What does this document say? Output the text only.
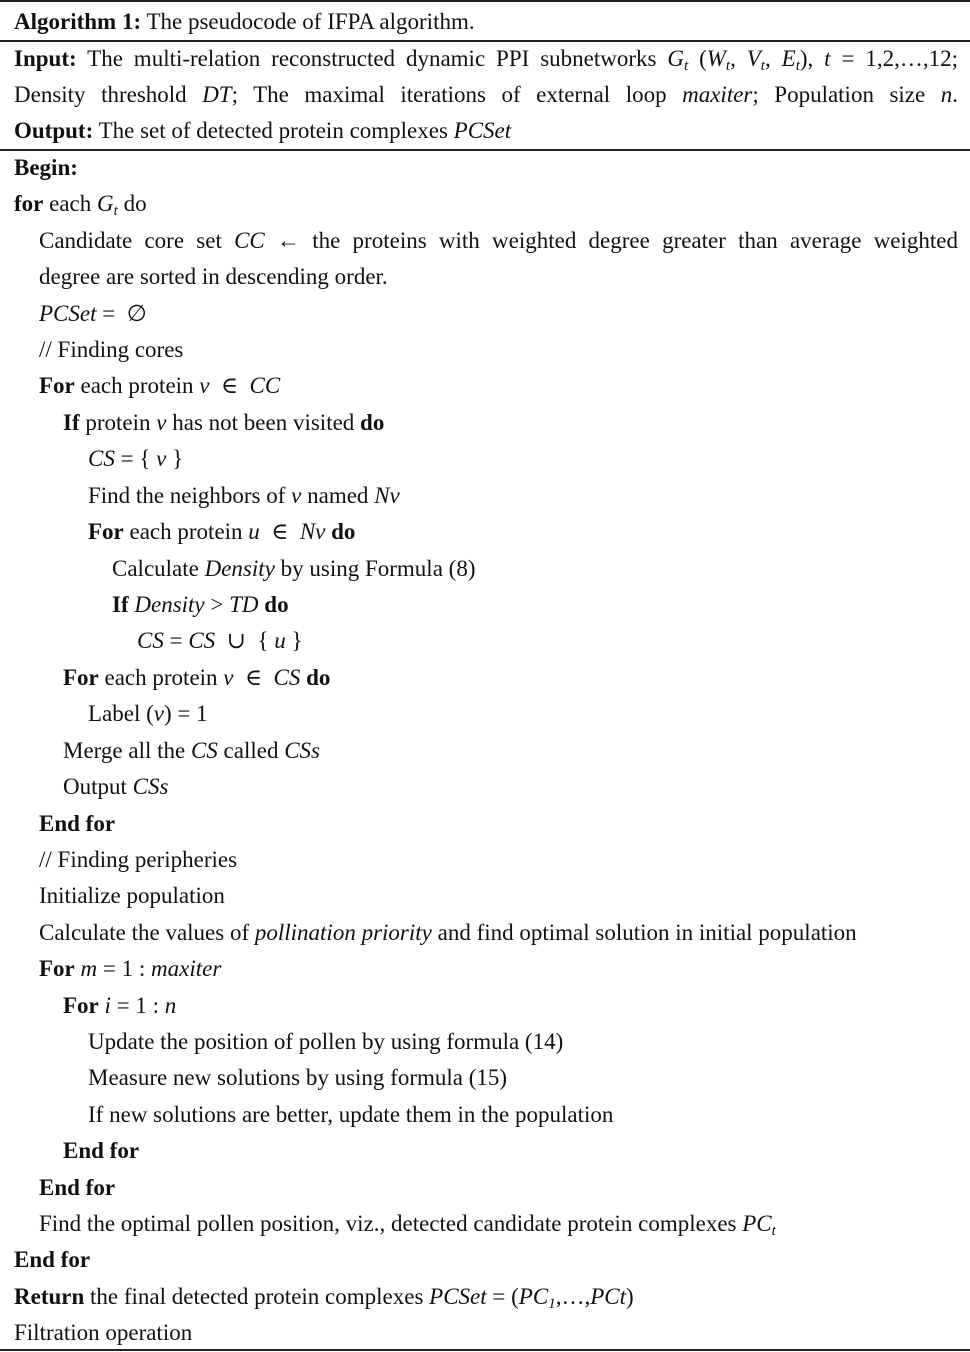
Algorithm 1: The pseudocode of IFPA algorithm.
Input: The multi-relation reconstructed dynamic PPI subnetworks $G_t$ ($W_t$, $V_t$, $E_t$), t = 1,2,…,12;
Density threshold DT; The maximal iterations of external loop maxiter; Population size n.
Output: The set of detected protein complexes PCSet
Begin:
for each $G_t$ do
Candidate core set CC ← the proteins with weighted degree greater than average weighted
degree are sorted in descending order.
PCSet =  ∅
// Finding cores
For each protein v  ∈  CC
If protein v has not been visited do
CS = { v }
Find the neighbors of v named Nv
For each protein u  ∈  Nv do
Calculate Density by using Formula (8)
If Density > TD do
CS = CS  ∪  { u }
For each protein v  ∈  CS do
Label (v) = 1
Merge all the CS called CSs
Output CSs
End for
// Finding peripheries
Initialize population
Calculate the values of pollination priority and find optimal solution in initial population
For m = 1 : maxiter
For i = 1 : n
Update the position of pollen by using formula (14)
Measure new solutions by using formula (15)
If new solutions are better, update them in the population
End for
End for
Find the optimal pollen position, viz., detected candidate protein complexes $PC_t$
End for
Return the final detected protein complexes PCSet = $(PC_1,\dots,PCt)$
Filtration operation
